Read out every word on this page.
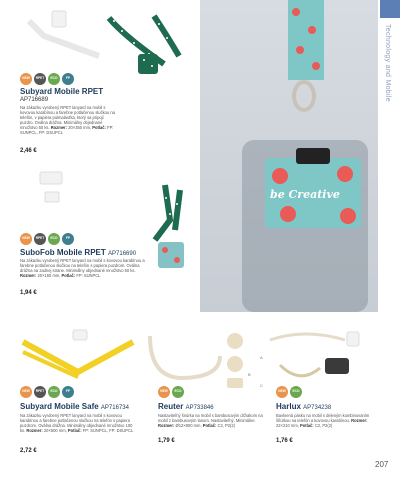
NEW	RPET	ECO	FP
Subyard Mobile RPET
AP716689
Na zákazku vyrobený RPET lanyard na mobil s kovovou karabínou a farebne potlačenou slučkou na telefón, v papiera pulmalasťka, ktorý sa pripojí puzdro. Oválna drážna. Minimálny objednané množstvo 50 ks. Rozmer: 20×350 mm, Potlač: FP: SUNPCL, FP: DSUPCL
2,46 €
NEW	RPET	ECO	FP
SuboFob Mobile RPET AP716690
Na zákazku vyrobený RPET lanyard na mobil s kovovou karabínou a farebne potlačenou slučkou na telefón s papiera puzdrom. Oválna drážna na zadnej strane. Minimálny objednané množstvo 50 ks. Rozmer: 20×160 mm, Potlač: FP: SUNPCL
1,94 €
be Creative
Technology and Mobile
A
B
C
NEW	RPET	ECO	FP
Subyard Mobile Safe AP716734
Na zákazku vyrobený RPET lanyard na mobil s kovovou karabínou a farebne potlačenou slučkou na telefón s papiera puzdrom. Oválna drážna. Minimálny objednané množstvo 100 ks. Rozmer: 20×500 mm, Potlač: FP: SUNPCL, FP: DSUPCL
2,72 €
NEW	ECO
Reuter AP733846
Nastaviteľný šnúrka na mobil s bambusovým držiakom na mobil z bambusovým lanom. Nastaviteľný. Minimálne. Rozmer: Ø12×800 mm, Potlač: C2, P2(2)
1,79 €
NEW	ECO
Harlux AP734238
Bavlnená pásku na mobil s deleným kombinovaním šňúrkou na telefón a kovovou karabínou. Rozmer: 22×210 mm, Potlač: C2, P2(2)
1,76 €
207
